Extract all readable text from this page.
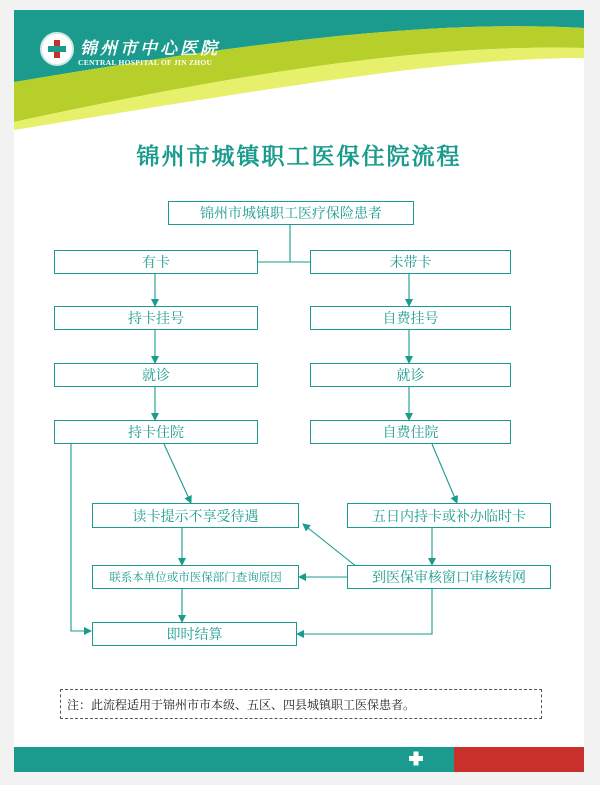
锦州市中心医院
CENTRAL HOSPITAL OF JIN ZHOU
锦州市城镇职工医保住院流程
锦州市城镇职工医疗保险患者
有卡	未带卡
持卡挂号	自费挂号
就诊	就诊
持卡住院	自费住院
读卡提示不享受待遇	五日内持卡或补办临时卡
联系本单位或市医保部门查询原因	到医保审核窗口审核转网
即时结算
注：此流程适用于锦州市市本级、五区、四县城镇职工医保患者。
